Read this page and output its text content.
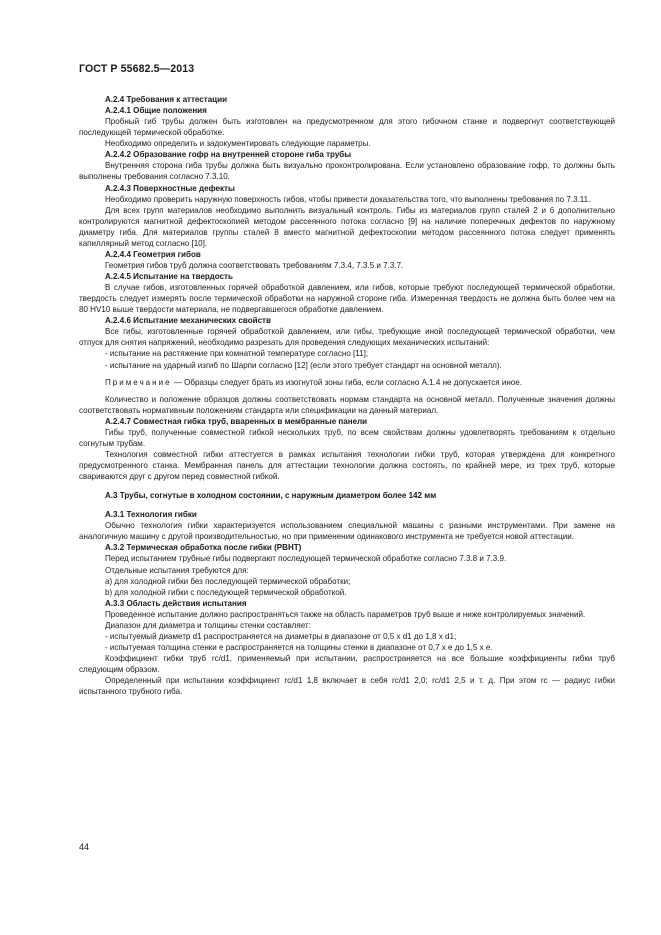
ГОСТ Р 55682.5—2013

A.2.4 Требования к аттестации

A.2.4.1 Общие положения

Пробный гиб трубы должен быть изготовлен на предусмотренном для этого гибочном станке и подвергнут соответствующей последующей термической обработке.

Необходимо определить и задокументировать следующие параметры.

A.2.4.2 Образование гофр на внутренней стороне гиба трубы

Внутренняя сторона гиба трубы должна быть визуально проконтролирована. Если установлено образование гофр, то должны быть выполнены требования согласно 7.3.10.

A.2.4.3 Поверхностные дефекты

Необходимо проверить наружную поверхность гибов, чтобы привести доказательства того, что выполнены требования по 7.3.11.

Для всех групп материалов необходимо выполнить визуальный контроль. Гибы из материалов групп сталей 2 и 6 дополнительно контролируются магнитной дефектоскопией методом рассеянного потока согласно [9] на наличие поперечных дефектов по наружному диаметру гиба. Для материалов группы сталей 8 вместо магнитной дефектоскопии методом рассеянного потока следует применять капиллярный метод согласно [10].

A.2.4.4 Геометрия гибов

Геометрия гибов труб должна соответствовать требованиям 7.3.4, 7.3.5 и 7.3.7.

A.2.4.5 Испытание на твердость

В случае гибов, изготовленных горячей обработкой давлением, или гибов, которые требуют последующей термической обработки, твердость следует измерять после термической обработки на наружной стороне гиба. Измеренная твердость не должна быть более чем на 80 HV10 выше твердости материала, не подвергавшегося обработке давлением.

A.2.4.6 Испытание механических свойств

Все гибы, изготовленные горячей обработкой давлением, или гибы, требующие иной последующей термической обработки, чем отпуск для снятия напряжений, необходимо разрезать для проведения следующих механических испытаний:

- испытание на растяжение при комнатной температуре согласно [11];

- испытание на ударный изгиб по Шарпи согласно [12] (если этого требует стандарт на основной металл).

Примечание — Образцы следует брать из изогнутой зоны гиба, если согласно А.1.4 не допускается иное.

Количество и положение образцов должны соответствовать нормам стандарта на основной металл. Полученные значения должны соответствовать нормативным положениям стандарта или спецификации на данный материал.

A.2.4.7 Совместная гибка труб, вваренных в мембранные панели

Гибы труб, полученные совместной гибкой нескольких труб, по всем свойствам должны удовлетворять требованиям к отдельно согнутым трубам.

Технология совместной гибки аттестуется в рамках испытания технологии гибки труб, которая утверждена для конкретного предусмотренного станка. Мембранная панель для аттестации технологии должна состоять, по крайней мере, из трех труб, которые свариваются друг с другом перед совместной гибкой.

A.3 Трубы, согнутые в холодном состоянии, с наружным диаметром более 142 мм

A.3.1 Технология гибки

Обычно технология гибки характеризуется использованием специальной машины с разными инструментами. При замене на аналогичную машину с другой производительностью, но при применении одинакового инструмента не требуется новой аттестации.

A.3.2 Термическая обработка после гибки (PBHT)

Перед испытанием трубные гибы подвергают последующей термической обработке согласно 7.3.8 и 7.3.9.

Отдельные испытания требуются для:

a) для холодной гибки без последующей термической обработки;

b) для холодной гибки с последующей термической обработкой.

A.3.3 Область действия испытания

Проведенное испытание должно распространяться также на область параметров труб выше и ниже контролируемых значений.

Диапазон для диаметра и толщины стенки составляет:

- испытуемый диаметр d1 распространяется на диаметры в диапазоне от 0,5 x d1 до 1,8 x d1;

- испытуемая толщина стенки e распространяется на толщины стенки в диапазоне от 0,7 x e до 1,5 x e.

Коэффициент гибки труб rc/d1, применяемый при испытании, распространяется на все большие коэффициенты гибки труб следующим образом.

Определенный при испытании коэффициент rc/d1 1,8 включает в себя rc/d1 2,0; rc/d1 2,5 и т. д. При этом rc — радиус гибки испытанного трубного гиба.

44
